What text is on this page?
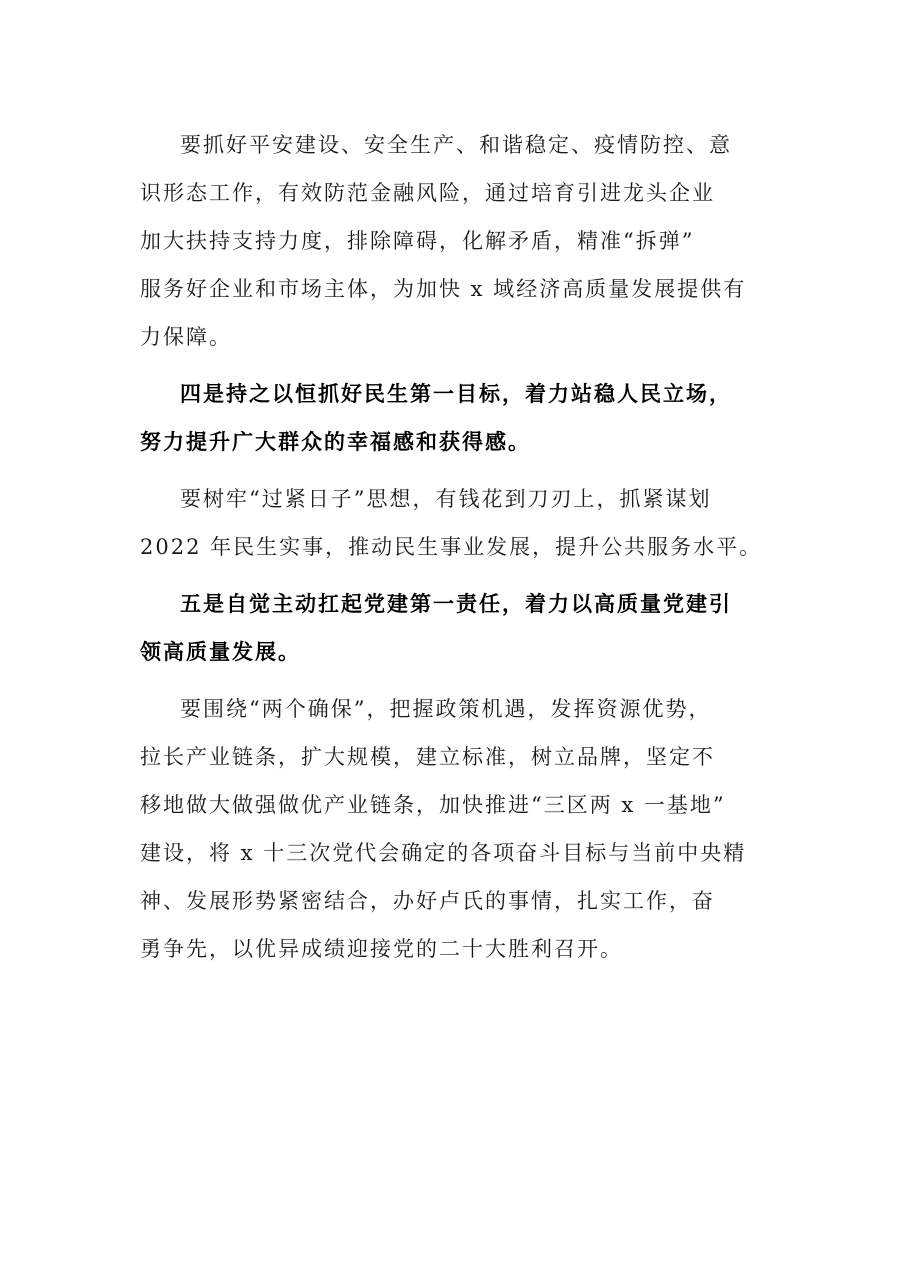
要抓好平安建设、安全生产、和谐稳定、疫情防控、意
识形态工作，有效防范金融风险，通过培育引进龙头企业
加大扶持支持力度，排除障碍，化解矛盾，精准“拆弹”
服务好企业和市场主体，为加快 x 域经济高质量发展提供有
力保障。

四是持之以恒抓好民生第一目标，着力站稳人民立场，
努力提升广大群众的幸福感和获得感。

要树牢“过紧日子”思想，有钱花到刀刃上，抓紧谋划
2022 年民生实事，推动民生事业发展，提升公共服务水平。

五是自觉主动扛起党建第一责任，着力以高质量党建引
领高质量发展。

要围绕“两个确保”，把握政策机遇，发挥资源优势，
拉长产业链条，扩大规模，建立标准，树立品牌，坚定不
移地做大做强做优产业链条，加快推进“三区两 x 一基地”
建设，将 x 十三次党代会确定的各项奋斗目标与当前中央精
神、发展形势紧密结合，办好卢氏的事情，扎实工作，奋
勇争先，以优异成绩迎接党的二十大胜利召开。
